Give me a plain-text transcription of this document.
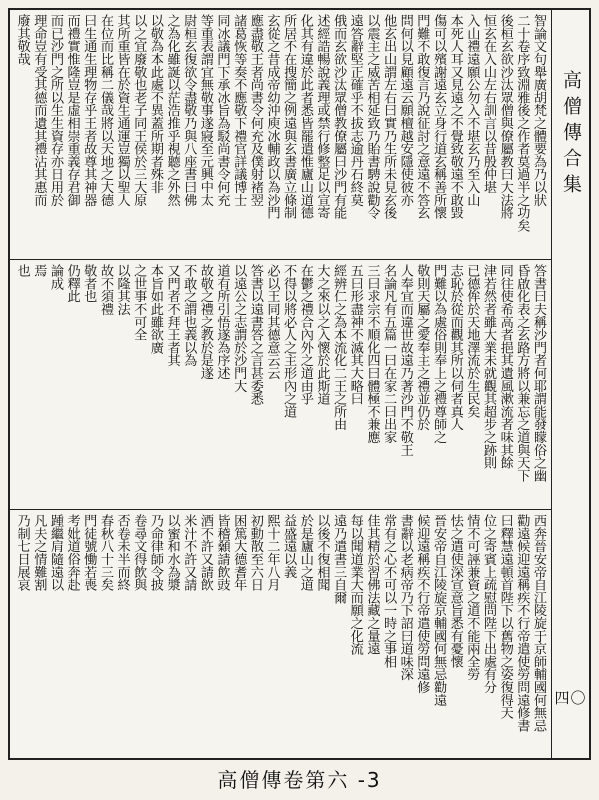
智論文句舉廣胡梵之體要為乃以狀
二十卷序致淵雅後之作者莫過半之功矣
後桓玄欲沙汰眾僧與僚屬教曰大法將
恒玄在入山左右訓言以昔殷仲堪
入山禮遠願公勿入不堪玄乃至入山
本死人耳又見遠之不覺致敬遠不敢毀
傷可以殯謝遠玄立身行道玄稱善所懷
門難不敢復言乃說征討之意遠不答玄
問何以見顧遠云願檀越安隱使彼亦
他玄出山謂左右曰實乃生所未見玄後
以震主之威苦相延致乃貽書騁說勸令
遠答辭堅正確乎不拔志逾丹石終莫
俄而玄欲沙汰眾僧教僚屬曰沙門有能
述經誥暢說義理或禁行修整足以宣寄
化其有違於此者悉皆罷遣惟廬山道德
所居不在搜簡之例遠與玄書廣立條制
玄從之昔成帝幼沖庾冰輔政以為沙門
應盡敬王者尚書令何充及僕射褚翌
諸葛恢等奏不應敬下禮官詳議博士
同冰議門下承冰旨為駁尚書令何充
等重表謂宜無敬事遂寢至元興中太
尉桓玄復欲令盡敬乃與八座書曰佛
之為化雖誕以茫浩推乎視聽之外然
以敬為本此處不異蓋所期者殊非
以之宜廢敬也老子同王侯於三大原
其所重皆在於資生通運豈獨以聖人
在位而比稱二儀哉將以天地之大德
曰生通生理物存乎王者故尊其神器
而禮實惟隆豈是虛相崇重義存君御
而已沙門之所以生生資存亦日用於
理命豈有受其德而遺其禮沾其惠而
廢其敬哉
答書曰夫稱沙門者何耶謂能發矇俗之幽
昏啟化表之玄路方將以兼忘之道與天下
同往使希高者挹其遺風漱流者味其餘
津若然者雖大業未就觀其超步之跡則
已德侔於天地澤流於生民矣
志恥於從而觀其所以伺者真人
門難以為處俗則奉上之禮尊師之
敬則天屬之愛奉主之禮並仍於
人奉宜而違世故遠乃著沙門不敬王
名論凡有五篇一曰在家二曰出家
三曰求宗不順化四曰體極不兼應
五曰形盡神不滅其大略曰
經辨仁之為本流化二王之所由
大之來以之入懷於此斯道
在鬱之禮合內外之道由乎
不得以將必人之主形內之道
必以王同其德意云云
答書以遠書答之言甚委悉
以遠公之志謂於沙門大
道有所引悟遂為序述
故敬之禮之教於是遂
不敢之謂也義以為
又門者不拜王者其
本旨如此雖欲廣
之世事不可全
以隆其法
故不須禮
敬者也
仍釋此
論成
焉
也
西奔晉安帝自江陵旋于京師輔國何無忌
勸遠候迎遠稱疾不行帝遣使勞問遠修書
曰釋慧遠頓首陛下以舊物之姿復得天
位之寄賓上疏慰問陛下出處有分
情不可誣兼資之道不能兩全勞
怯之遣使深宣意旨悉有憂懷
晉安帝自江陵旋京輔國何無忌勸遠
候迎遠稱疾不行帝遣使勞問遠修
書辭以老病帝乃下詔曰道味深
常有之心不可以一時之事相
佳其精於習佛法藏之量遠
每以聞道業大而願之化流
遠乃遣書三自爾
以後不復相聞
於是廬山之道
益盛遠以義
熙十二年八月
初動散至六日
困篤大德耆年
皆稽顙請飲豉
酒不許又請飲
米汁不許又請
以蜜和水為漿
乃命律師令披
卷尋文得飲與
否卷未半而終
春秋八十三矣
門徒號慟若喪
考妣道俗奔赴
踵繼肩隨遠以
凡夫之情難割
乃制七日展哀
高僧傳合集
四〇
高僧傳卷第六 -3
